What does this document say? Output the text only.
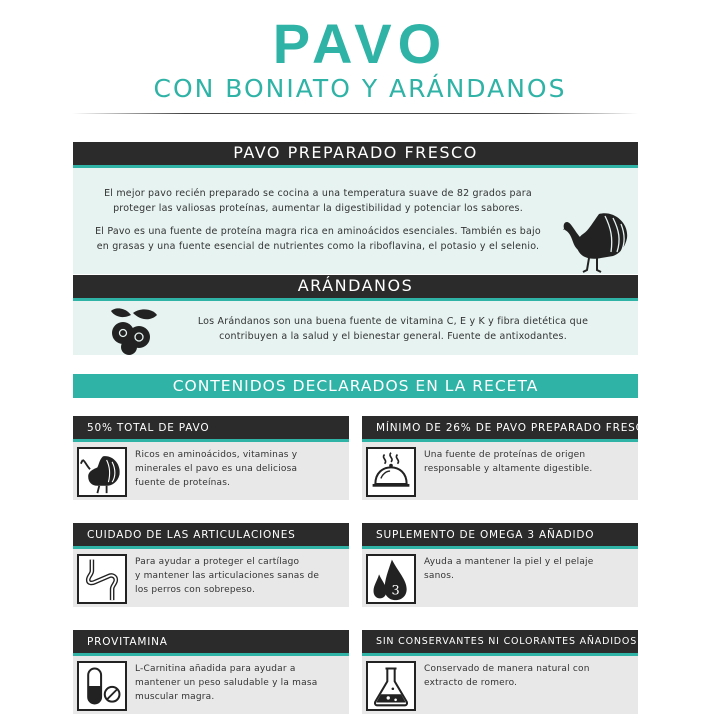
PAVO
CON BONIATO Y ARÁNDANOS
PAVO PREPARADO FRESCO
El mejor pavo recién preparado se cocina a una temperatura suave de 82 grados para
proteger las valiosas proteínas, aumentar la digestibilidad y potenciar los sabores.
El Pavo es una fuente de proteína magra rica en aminoácidos esenciales. También es bajo
en grasas y una fuente esencial de nutrientes como la riboflavina, el potasio y el selenio.
ARÁNDANOS
Los Arándanos son una buena fuente de vitamina C, E y K y fibra dietética que
contribuyen a la salud y el bienestar general. Fuente de antixodantes.
CONTENIDOS DECLARADOS EN LA RECETA
50% TOTAL DE PAVO
Ricos en aminoácidos, vitaminas y
minerales el pavo es una deliciosa
fuente de proteínas.
MÍNIMO DE 26% DE PAVO PREPARADO FRESCO
Una fuente de proteínas de origen
responsable y altamente digestible.
CUIDADO DE LAS ARTICULACIONES
Para ayudar a proteger el cartílago
y mantener las articulaciones sanas de
los perros con sobrepeso.
SUPLEMENTO DE OMEGA 3 AÑADIDO
3
Ayuda a mantener la piel y el pelaje
sanos.
PROVITAMINA
L-Carnitina añadida para ayudar a
mantener un peso saludable y la masa
muscular magra.
SIN CONSERVANTES NI COLORANTES AÑADIDOS
Conservado de manera natural con
extracto de romero.
